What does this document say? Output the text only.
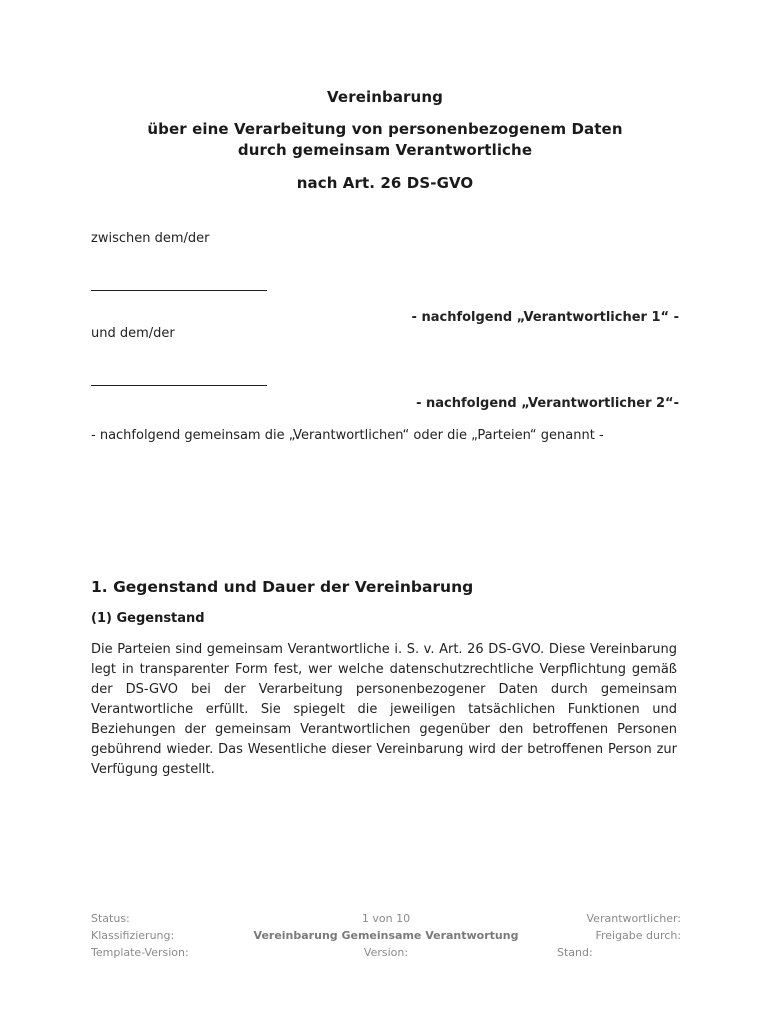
Vereinbarung
über eine Verarbeitung von personenbezogenem Daten
durch gemeinsam Verantwortliche
nach Art. 26 DS-GVO
zwischen dem/der
- nachfolgend „Verantwortlicher 1“ -
und dem/der
- nachfolgend „Verantwortlicher 2“-
- nachfolgend gemeinsam die „Verantwortlichen“ oder die „Parteien“ genannt -
1. Gegenstand und Dauer der Vereinbarung
(1) Gegenstand
Die Parteien sind gemeinsam Verantwortliche i. S. v. Art. 26 DS-GVO. Diese Vereinbarung legt in transparenter Form fest, wer welche datenschutzrechtliche Verpflichtung gemäß der DS-GVO bei der Verarbeitung personenbezogener Daten durch gemeinsam Verantwortliche erfüllt. Sie spiegelt die jeweiligen tatsächlichen Funktionen und Beziehungen der gemeinsam Verantwortlichen gegenüber den betroffenen Personen gebührend wieder. Das Wesentliche dieser Vereinbarung wird der betroffenen Person zur Verfügung gestellt.
Status:	1 von 10	Verantwortlicher:
Klassifizierung:	Vereinbarung Gemeinsame Verantwortung	Freigabe durch:
Template-Version:	Version:	Stand:
